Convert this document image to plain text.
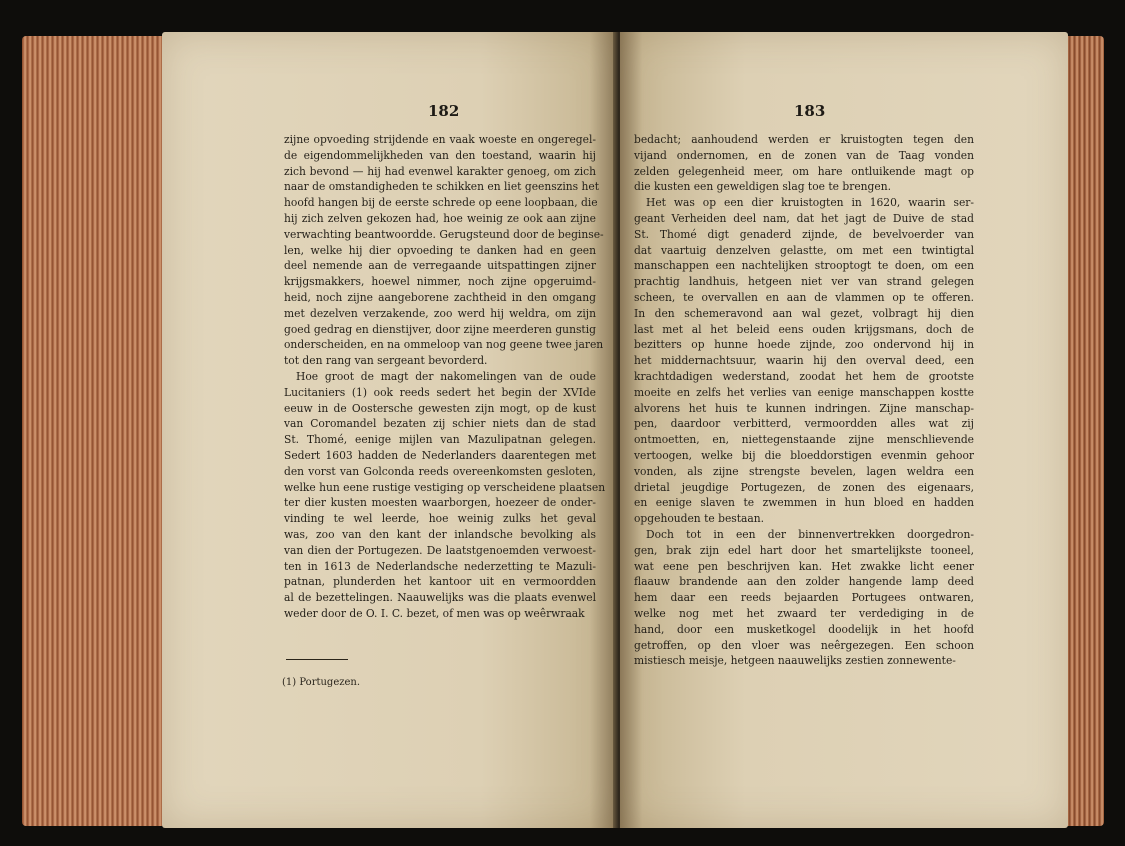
182
zijne opvoeding strijdende en vaak woeste en ongeregel-
de eigendommelijkheden van den toestand, waarin hij
zich bevond — hij had evenwel karakter genoeg, om zich
naar de omstandigheden te schikken en liet geenszins het
hoofd hangen bij de eerste schrede op eene loopbaan, die
hij zich zelven gekozen had, hoe weinig ze ook aan zijne
verwachting beantwoordde. Gerugsteund door de beginse-
len, welke hij dier opvoeding te danken had en geen
deel nemende aan de verregaande uitspattingen zijner
krijgsmakkers, hoewel nimmer, noch zijne opgeruimd-
heid, noch zijne aangeborene zachtheid in den omgang
met dezelven verzakende, zoo werd hij weldra, om zijn
goed gedrag en dienstijver, door zijne meerderen gunstig
onderscheiden, en na ommeloop van nog geene twee jaren
tot den rang van sergeant bevorderd.
Hoe groot de magt der nakomelingen van de oude
Lucitaniers (1) ook reeds sedert het begin der XVIde
eeuw in de Oostersche gewesten zijn mogt, op de kust
van Coromandel bezaten zij schier niets dan de stad
St. Thomé, eenige mijlen van Mazulipatnan gelegen.
Sedert 1603 hadden de Nederlanders daarentegen met
den vorst van Golconda reeds overeenkomsten gesloten,
welke hun eene rustige vestiging op verscheidene plaatsen
ter dier kusten moesten waarborgen, hoezeer de onder-
vinding te wel leerde, hoe weinig zulks het geval
was, zoo van den kant der inlandsche bevolking als
van dien der Portugezen. De laatstgenoemden verwoest-
ten in 1613 de Nederlandsche nederzetting te Mazuli-
patnan, plunderden het kantoor uit en vermoordden
al de bezettelingen. Naauwelijks was die plaats evenwel
weder door de O. I. C. bezet, of men was op weêrwraak
(1) Portugezen.
183
bedacht; aanhoudend werden er kruistogten tegen den
vijand ondernomen, en de zonen van de Taag vonden
zelden gelegenheid meer, om hare ontluikende magt op
die kusten een geweldigen slag toe te brengen.
Het was op een dier kruistogten in 1620, waarin ser-
geant Verheiden deel nam, dat het jagt de Duive de stad
St. Thomé digt genaderd zijnde, de bevelvoerder van
dat vaartuig denzelven gelastte, om met een twintigtal
manschappen een nachtelijken strooptogt te doen, om een
prachtig landhuis, hetgeen niet ver van strand gelegen
scheen, te overvallen en aan de vlammen op te offeren.
In den schemeravond aan wal gezet, volbragt hij dien
last met al het beleid eens ouden krijgsmans, doch de
bezitters op hunne hoede zijnde, zoo ondervond hij in
het middernachtsuur, waarin hij den overval deed, een
krachtdadigen wederstand, zoodat het hem de grootste
moeite en zelfs het verlies van eenige manschappen kostte
alvorens het huis te kunnen indringen. Zijne manschap-
pen, daardoor verbitterd, vermoordden alles wat zij
ontmoetten, en, niettegenstaande zijne menschlievende
vertoogen, welke bij die bloeddorstigen evenmin gehoor
vonden, als zijne strengste bevelen, lagen weldra een
drietal jeugdige Portugezen, de zonen des eigenaars,
en eenige slaven te zwemmen in hun bloed en hadden
opgehouden te bestaan.
Doch tot in een der binnenvertrekken doorgedron-
gen, brak zijn edel hart door het smartelijkste tooneel,
wat eene pen beschrijven kan. Het zwakke licht eener
flaauw brandende aan den zolder hangende lamp deed
hem daar een reeds bejaarden Portugees ontwaren,
welke nog met het zwaard ter verdediging in de
hand, door een musketkogel doodelijk in het hoofd
getroffen, op den vloer was neêrgezegen. Een schoon
mistiesch meisje, hetgeen naauwelijks zestien zonnewente-
